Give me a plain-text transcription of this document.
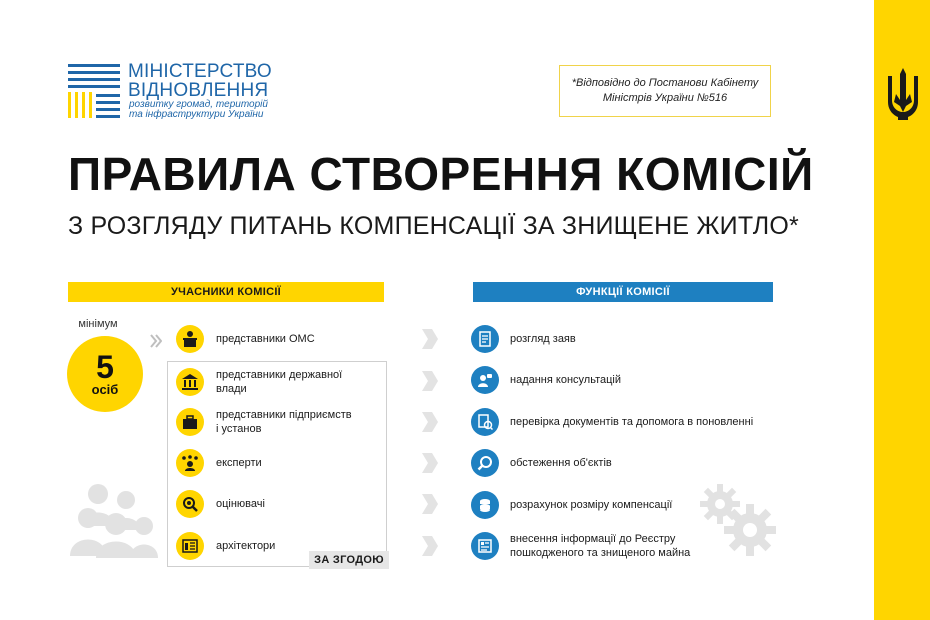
МІНІСТЕРСТВО
ВІДНОВЛЕННЯ
розвитку громад, територій
та інфраструктури України
*Відповідно до Постанови Кабінету
Міністрів України №516
ПРАВИЛА СТВОРЕННЯ КОМІСІЙ
З РОЗГЛЯДУ ПИТАНЬ КОМПЕНСАЦІЇ ЗА ЗНИЩЕНЕ ЖИТЛО*
УЧАСНИКИ КОМІСІЇ	ФУНКЦІЇ КОМІСІЇ
мінімум
5
осіб
ЗА ЗГОДОЮ
представники ОМС
представники державної
влади
представники підприємств
і установ
експерти
оцінювачі
архітектори
розгляд заяв
надання консультацій
перевірка документів та допомога в поновленні
обстеження об'єктів
розрахунок розміру компенсації
внесення інформації до Реєстру
пошкодженого та знищеного майна
